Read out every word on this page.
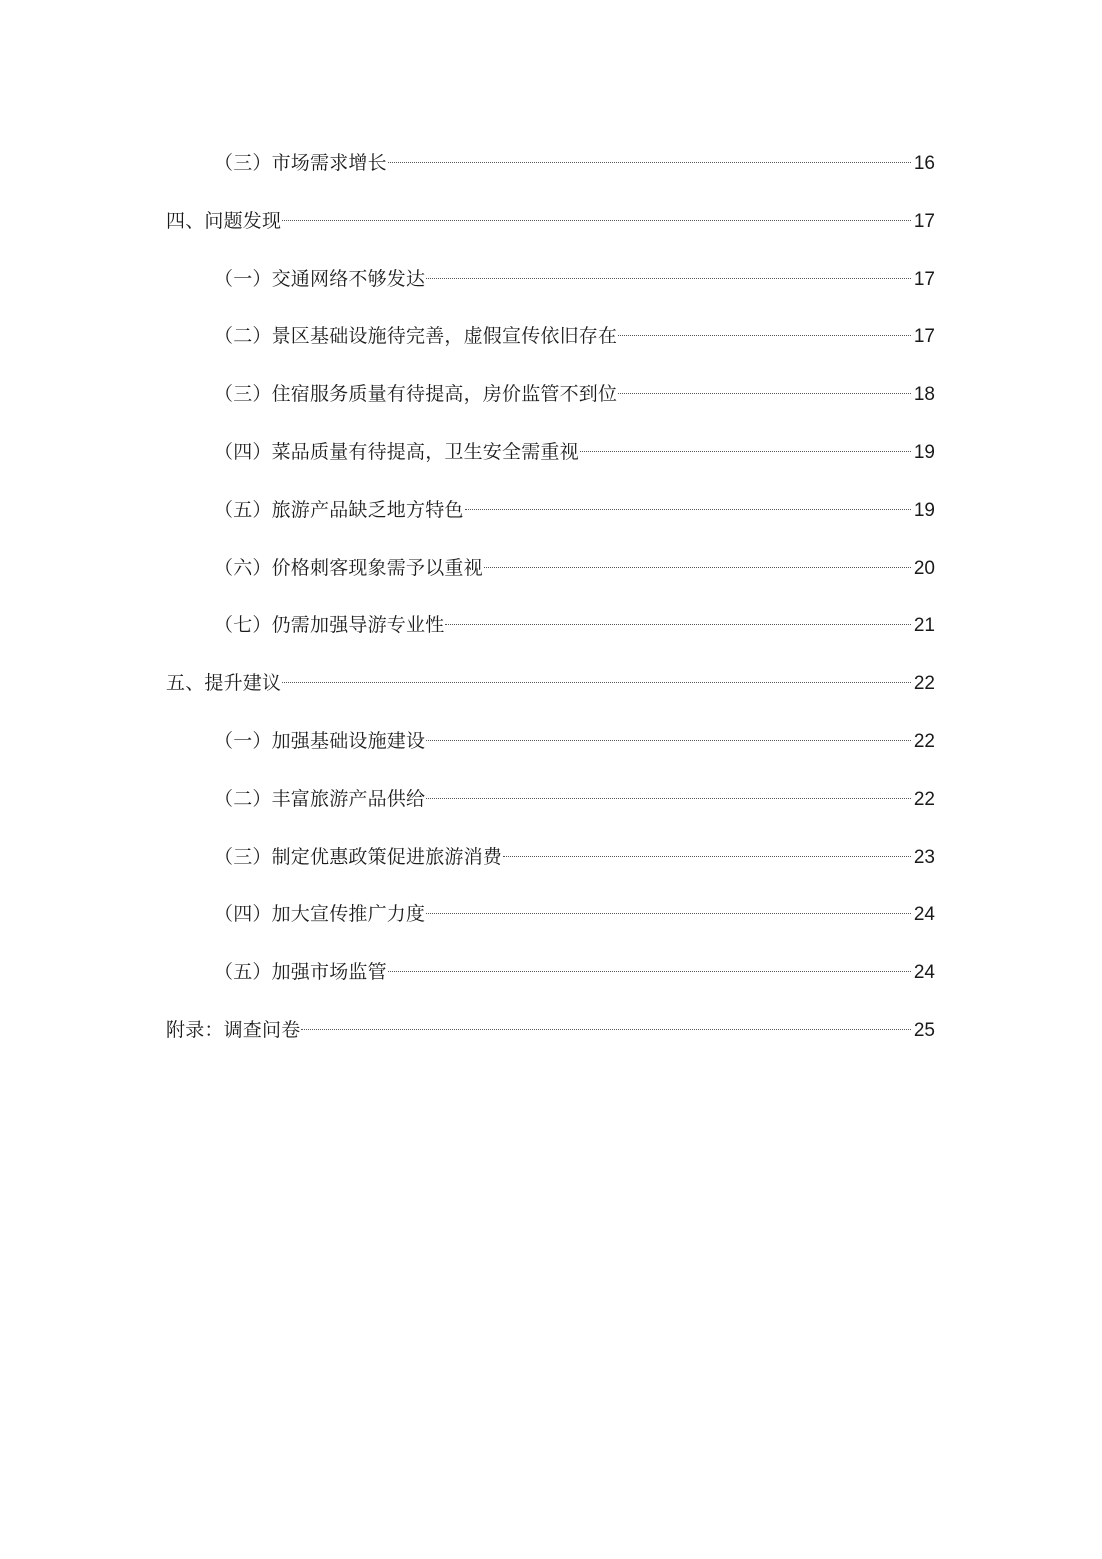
（三）市场需求增长	16
四、问题发现	17
（一）交通网络不够发达	17
（二）景区基础设施待完善，虚假宣传依旧存在	17
（三）住宿服务质量有待提高，房价监管不到位	18
（四）菜品质量有待提高，卫生安全需重视	19
（五）旅游产品缺乏地方特色	19
（六）价格刺客现象需予以重视	20
（七）仍需加强导游专业性	21
五、提升建议	22
（一）加强基础设施建设	22
（二）丰富旅游产品供给	22
（三）制定优惠政策促进旅游消费	23
（四）加大宣传推广力度	24
（五）加强市场监管	24
附录：调查问卷	25
